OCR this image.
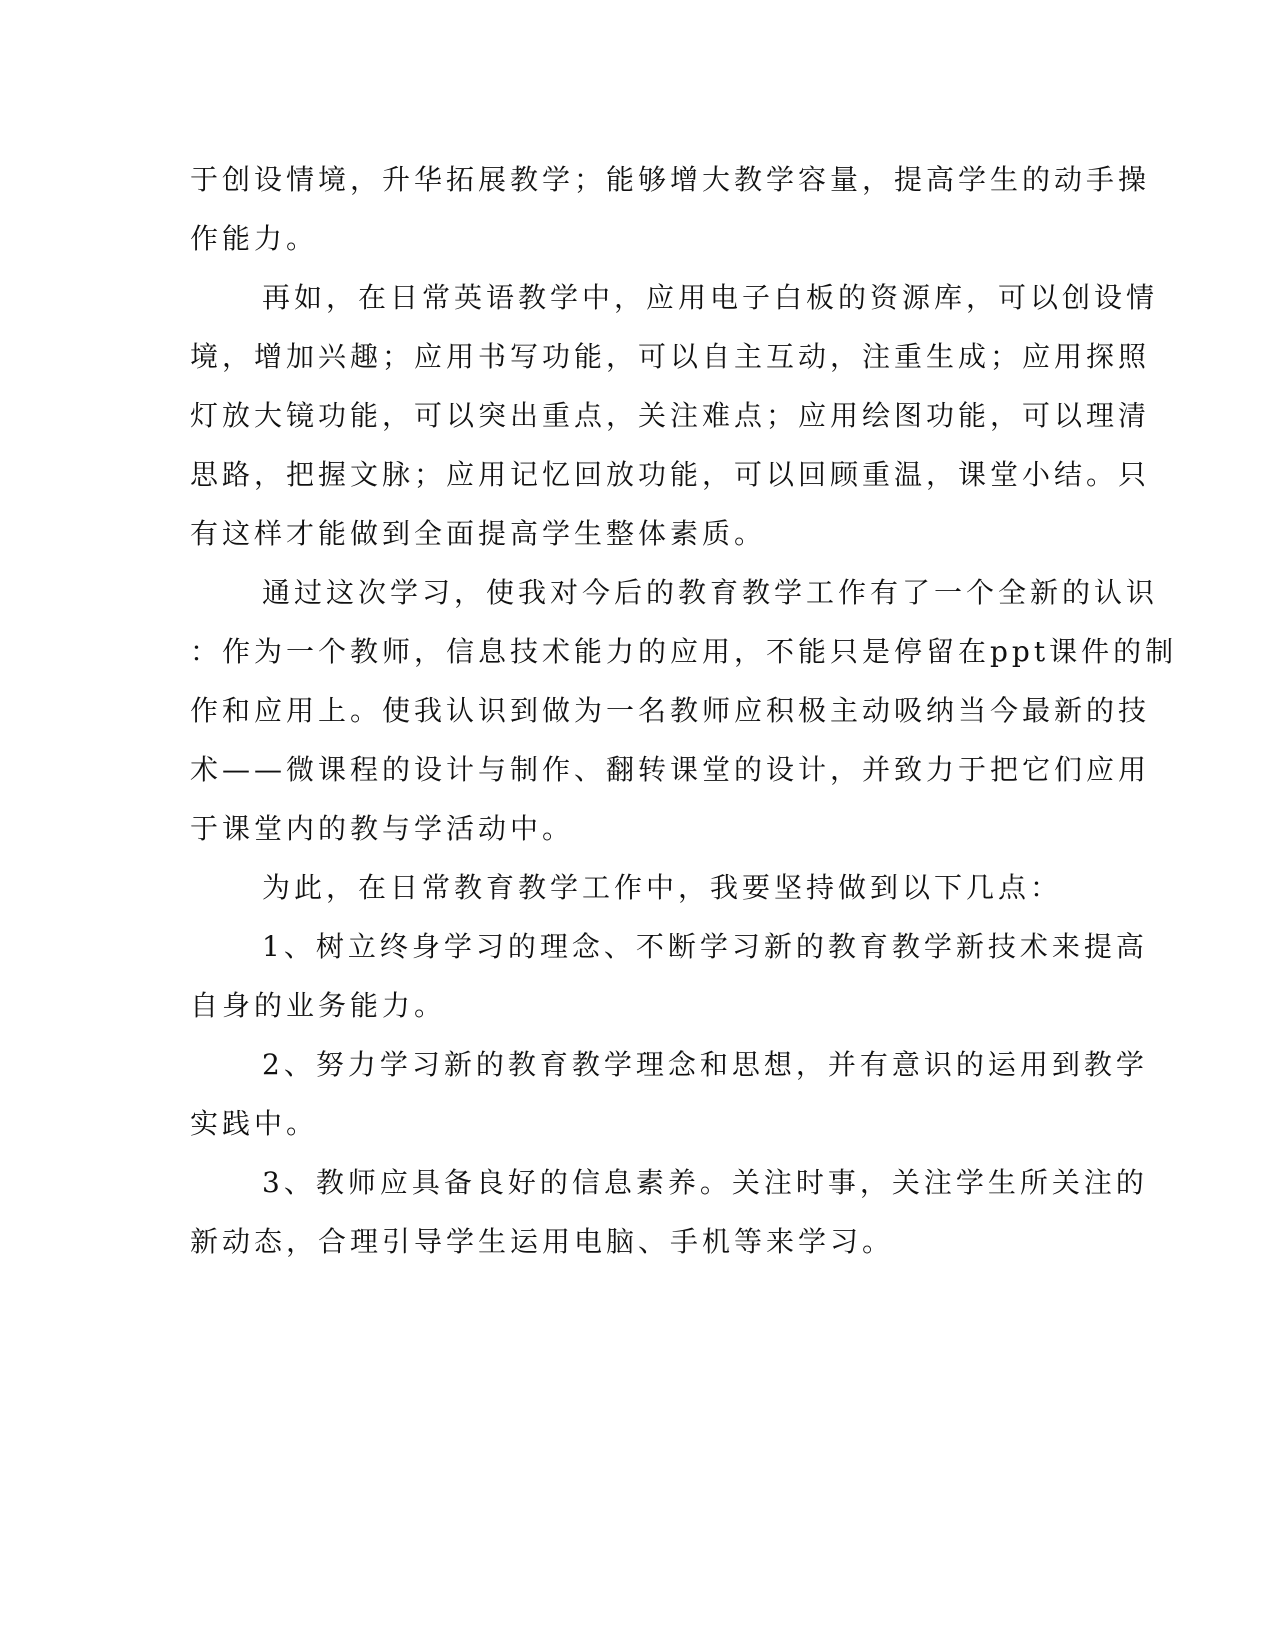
于创设情境，升华拓展教学；能够增大教学容量，提高学生的动手操
作能力。
再如，在日常英语教学中，应用电子白板的资源库，可以创设情
境，增加兴趣；应用书写功能，可以自主互动，注重生成；应用探照
灯放大镜功能，可以突出重点，关注难点；应用绘图功能，可以理清
思路，把握文脉；应用记忆回放功能，可以回顾重温，课堂小结。只
有这样才能做到全面提高学生整体素质。
通过这次学习，使我对今后的教育教学工作有了一个全新的认识
：作为一个教师，信息技术能力的应用，不能只是停留在ppt课件的制
作和应用上。使我认识到做为一名教师应积极主动吸纳当今最新的技
术——微课程的设计与制作、翻转课堂的设计，并致力于把它们应用
于课堂内的教与学活动中。
为此，在日常教育教学工作中，我要坚持做到以下几点：
1、树立终身学习的理念、不断学习新的教育教学新技术来提高
自身的业务能力。
2、努力学习新的教育教学理念和思想，并有意识的运用到教学
实践中。
3、教师应具备良好的信息素养。关注时事，关注学生所关注的
新动态，合理引导学生运用电脑、手机等来学习。
